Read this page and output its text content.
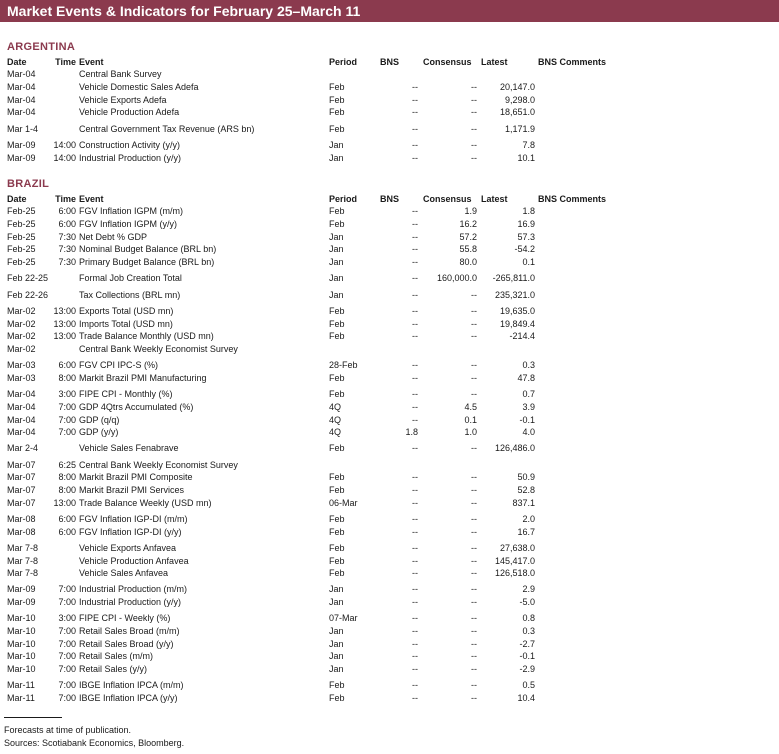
Market Events & Indicators for February 25–March 11
ARGENTINA
Date	Time Event	Period	BNS	Consensus Latest	BNS Comments
Mar-04	Central Bank Survey
Mar-04	Vehicle Domestic Sales Adefa	Feb	--	--	20,147.0
Mar-04	Vehicle Exports Adefa	Feb	--	--	9,298.0
Mar-04	Vehicle Production Adefa	Feb	--	--	18,651.0
Mar 1-4	Central Government Tax Revenue (ARS bn)	Feb	--	--	1,171.9
Mar-09	14:00 Construction Activity (y/y)	Jan	--	--	7.8
Mar-09	14:00 Industrial Production (y/y)	Jan	--	--	10.1
BRAZIL
Date	Time Event	Period	BNS	Consensus Latest	BNS Comments
Feb-25	6:00 FGV Inflation IGPM (m/m)	Feb	--	1.9	1.8
Feb-25	6:00 FGV Inflation IGPM (y/y)	Feb	--	16.2	16.9
Feb-25	7:30 Net Debt % GDP	Jan	--	57.2	57.3
Feb-25	7:30 Nominal Budget Balance (BRL bn)	Jan	--	55.8	-54.2
Feb-25	7:30 Primary Budget Balance (BRL bn)	Jan	--	80.0	0.1
Feb 22-25	Formal Job Creation Total	Jan	--	160,000.0	-265,811.0
Feb 22-26	Tax Collections (BRL mn)	Jan	--	--	235,321.0
Mar-02	13:00 Exports Total (USD mn)	Feb	--	--	19,635.0
Mar-02	13:00 Imports Total (USD mn)	Feb	--	--	19,849.4
Mar-02	13:00 Trade Balance Monthly (USD mn)	Feb	--	--	-214.4
Mar-02	Central Bank Weekly Economist Survey
Mar-03	6:00 FGV CPI IPC-S (%)	28-Feb	--	--	0.3
Mar-03	8:00 Markit Brazil PMI Manufacturing	Feb	--	--	47.8
Mar-04	3:00 FIPE CPI - Monthly (%)	Feb	--	--	0.7
Mar-04	7:00 GDP 4Qtrs Accumulated (%)	4Q	--	4.5	3.9
Mar-04	7:00 GDP (q/q)	4Q	--	0.1	-0.1
Mar-04	7:00 GDP (y/y)	4Q	1.8	1.0	4.0
Mar 2-4	Vehicle Sales Fenabrave	Feb	--	--	126,486.0
Mar-07	6:25 Central Bank Weekly Economist Survey
Mar-07	8:00 Markit Brazil PMI Composite	Feb	--	--	50.9
Mar-07	8:00 Markit Brazil PMI Services	Feb	--	--	52.8
Mar-07	13:00 Trade Balance Weekly (USD mn)	06-Mar	--	--	837.1
Mar-08	6:00 FGV Inflation IGP-DI (m/m)	Feb	--	--	2.0
Mar-08	6:00 FGV Inflation IGP-DI (y/y)	Feb	--	--	16.7
Mar 7-8	Vehicle Exports Anfavea	Feb	--	--	27,638.0
Mar 7-8	Vehicle Production Anfavea	Feb	--	--	145,417.0
Mar 7-8	Vehicle Sales Anfavea	Feb	--	--	126,518.0
Mar-09	7:00 Industrial Production (m/m)	Jan	--	--	2.9
Mar-09	7:00 Industrial Production (y/y)	Jan	--	--	-5.0
Mar-10	3:00 FIPE CPI - Weekly (%)	07-Mar	--	--	0.8
Mar-10	7:00 Retail Sales Broad (m/m)	Jan	--	--	0.3
Mar-10	7:00 Retail Sales Broad (y/y)	Jan	--	--	-2.7
Mar-10	7:00 Retail Sales (m/m)	Jan	--	--	-0.1
Mar-10	7:00 Retail Sales (y/y)	Jan	--	--	-2.9
Mar-11	7:00 IBGE Inflation IPCA (m/m)	Feb	--	--	0.5
Mar-11	7:00 IBGE Inflation IPCA (y/y)	Feb	--	--	10.4
Forecasts at time of publication.
Sources: Scotiabank Economics, Bloomberg.
